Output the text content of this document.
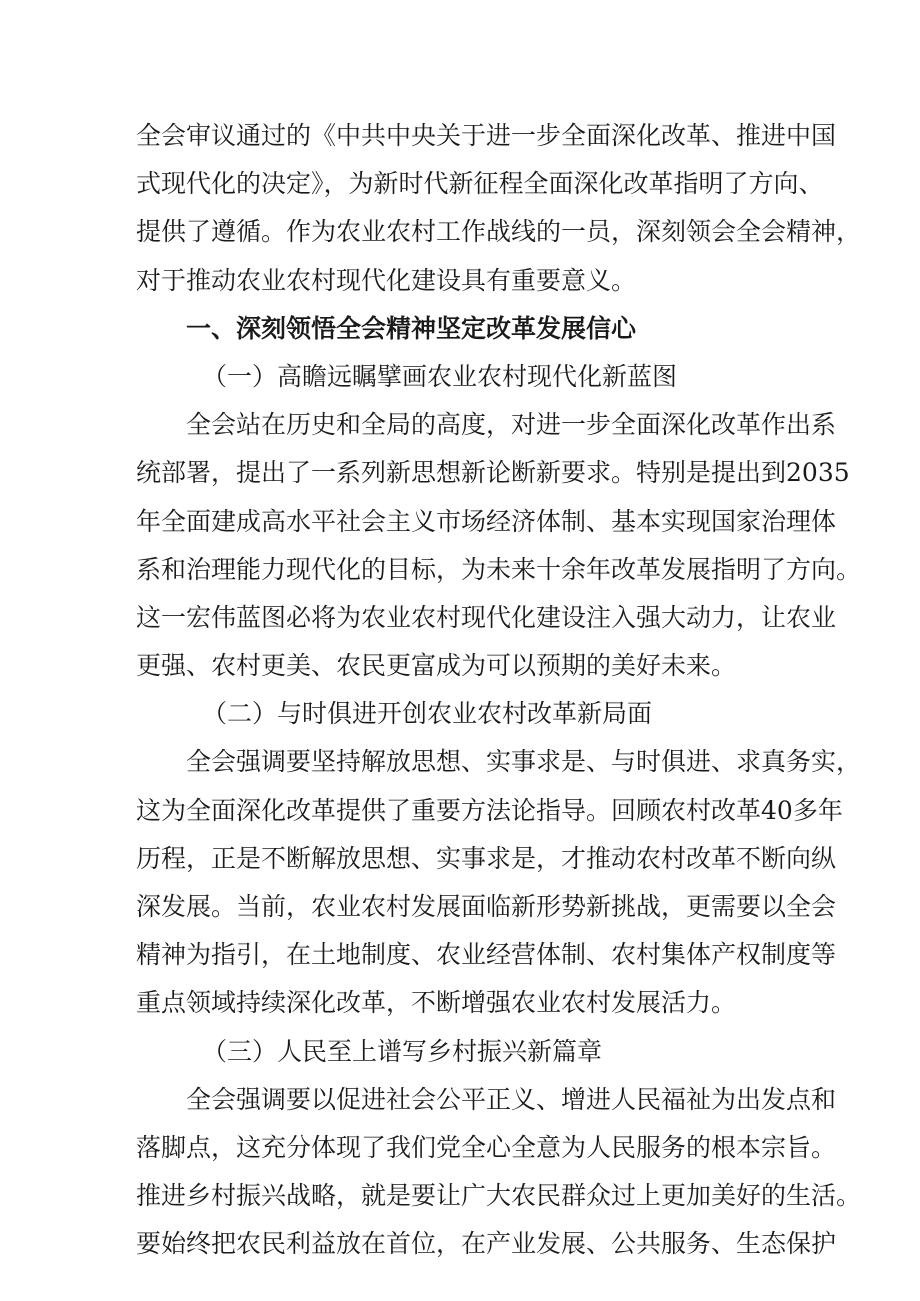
全会审议通过的《中共中央关于进一步全面深化改革、推进中国
式现代化的决定》，为新时代新征程全面深化改革指明了方向、
提供了遵循。作为农业农村工作战线的一员，深刻领会全会精神，
对于推动农业农村现代化建设具有重要意义。
一、深刻领悟全会精神坚定改革发展信心
（一）高瞻远瞩擘画农业农村现代化新蓝图
全会站在历史和全局的高度，对进一步全面深化改革作出系
统部署，提出了一系列新思想新论断新要求。特别是提出到2035
年全面建成高水平社会主义市场经济体制、基本实现国家治理体
系和治理能力现代化的目标，为未来十余年改革发展指明了方向。
这一宏伟蓝图必将为农业农村现代化建设注入强大动力，让农业
更强、农村更美、农民更富成为可以预期的美好未来。
（二）与时俱进开创农业农村改革新局面
全会强调要坚持解放思想、实事求是、与时俱进、求真务实，
这为全面深化改革提供了重要方法论指导。回顾农村改革40多年
历程，正是不断解放思想、实事求是，才推动农村改革不断向纵
深发展。当前，农业农村发展面临新形势新挑战，更需要以全会
精神为指引，在土地制度、农业经营体制、农村集体产权制度等
重点领域持续深化改革，不断增强农业农村发展活力。
（三）人民至上谱写乡村振兴新篇章
全会强调要以促进社会公平正义、增进人民福祉为出发点和
落脚点，这充分体现了我们党全心全意为人民服务的根本宗旨。
推进乡村振兴战略，就是要让广大农民群众过上更加美好的生活。
要始终把农民利益放在首位，在产业发展、公共服务、生态保护
